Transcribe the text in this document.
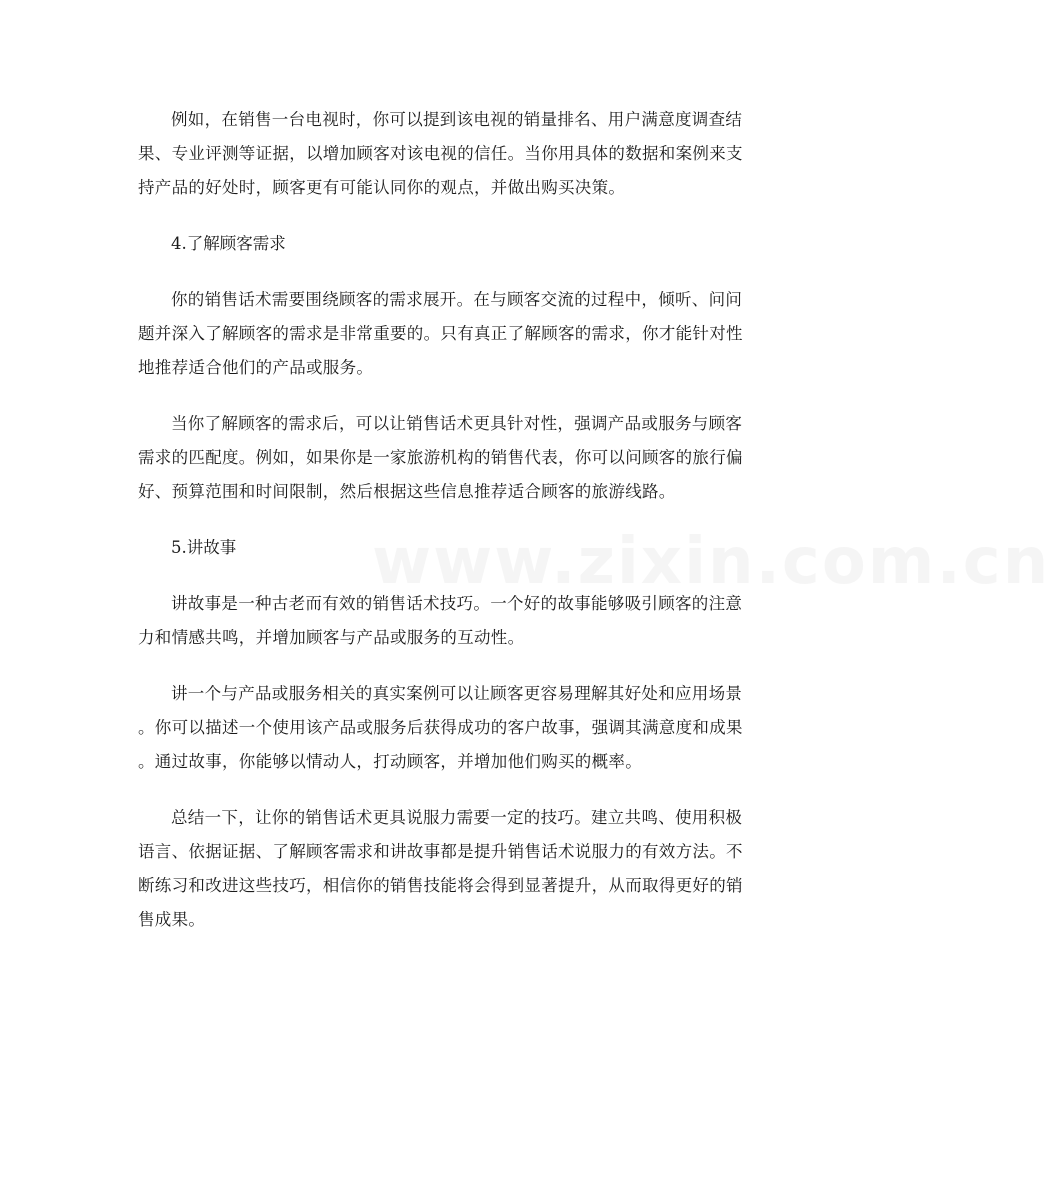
www.zixin.com.cn
例如，在销售一台电视时，你可以提到该电视的销量排名、用户满意度调查结
果、专业评测等证据，以增加顾客对该电视的信任。当你用具体的数据和案例来支
持产品的好处时，顾客更有可能认同你的观点，并做出购买决策。
4.了解顾客需求
你的销售话术需要围绕顾客的需求展开。在与顾客交流的过程中，倾听、问问
题并深入了解顾客的需求是非常重要的。只有真正了解顾客的需求，你才能针对性
地推荐适合他们的产品或服务。
当你了解顾客的需求后，可以让销售话术更具针对性，强调产品或服务与顾客
需求的匹配度。例如，如果你是一家旅游机构的销售代表，你可以问顾客的旅行偏
好、预算范围和时间限制，然后根据这些信息推荐适合顾客的旅游线路。
5.讲故事
讲故事是一种古老而有效的销售话术技巧。一个好的故事能够吸引顾客的注意
力和情感共鸣，并增加顾客与产品或服务的互动性。
讲一个与产品或服务相关的真实案例可以让顾客更容易理解其好处和应用场景
。你可以描述一个使用该产品或服务后获得成功的客户故事，强调其满意度和成果
。通过故事，你能够以情动人，打动顾客，并增加他们购买的概率。
总结一下，让你的销售话术更具说服力需要一定的技巧。建立共鸣、使用积极
语言、依据证据、了解顾客需求和讲故事都是提升销售话术说服力的有效方法。不
断练习和改进这些技巧，相信你的销售技能将会得到显著提升，从而取得更好的销
售成果。
